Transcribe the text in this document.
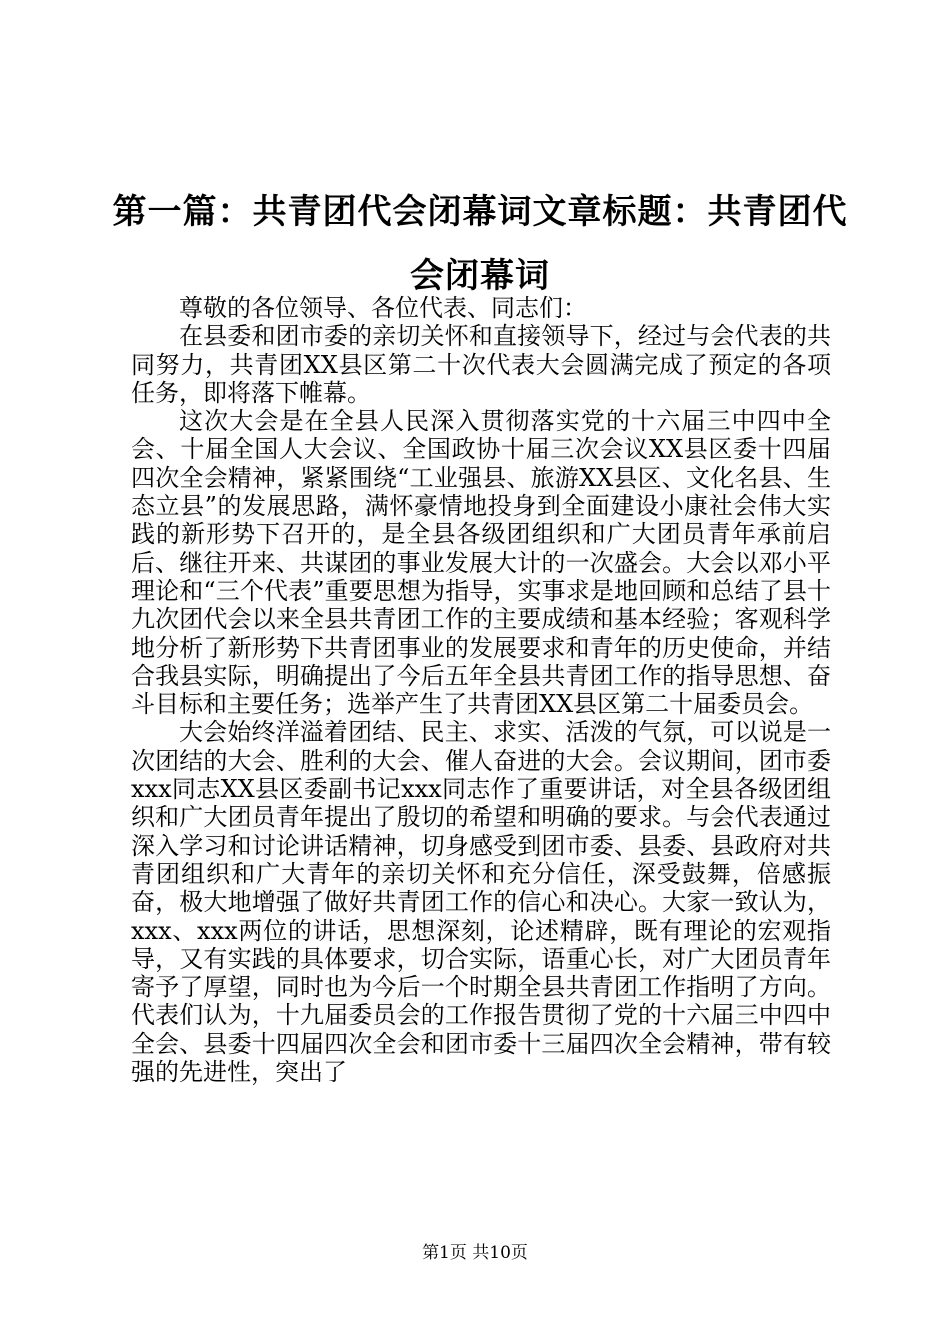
第一篇：共青团代会闭幕词文章标题：共青团代会闭幕词

尊敬的各位领导、各位代表、同志们：

在县委和团市委的亲切关怀和直接领导下，经过与会代表的共同努力，共青团XX县区第二十次代表大会圆满完成了预定的各项任务，即将落下帷幕。

这次大会是在全县人民深入贯彻落实党的十六届三中四中全会、十届全国人大会议、全国政协十届三次会议XX县区委十四届四次全会精神，紧紧围绕“工业强县、旅游XX县区、文化名县、生态立县”的发展思路，满怀豪情地投身到全面建设小康社会伟大实践的新形势下召开的，是全县各级团组织和广大团员青年承前启后、继往开来、共谋团的事业发展大计的一次盛会。大会以邓小平理论和“三个代表”重要思想为指导，实事求是地回顾和总结了县十九次团代会以来全县共青团工作的主要成绩和基本经验；客观科学地分析了新形势下共青团事业的发展要求和青年的历史使命，并结合我县实际，明确提出了今后五年全县共青团工作的指导思想、奋斗目标和主要任务；选举产生了共青团XX县区第二十届委员会。

大会始终洋溢着团结、民主、求实、活泼的气氛，可以说是一次团结的大会、胜利的大会、催人奋进的大会。会议期间，团市委xxx同志XX县区委副书记xxx同志作了重要讲话，对全县各级团组织和广大团员青年提出了殷切的希望和明确的要求。与会代表通过深入学习和讨论讲话精神，切身感受到团市委、县委、县政府对共青团组织和广大青年的亲切关怀和充分信任，深受鼓舞，倍感振奋，极大地增强了做好共青团工作的信心和决心。大家一致认为，xxx、xxx两位的讲话，思想深刻，论述精辟，既有理论的宏观指导，又有实践的具体要求，切合实际，语重心长，对广大团员青年寄予了厚望，同时也为今后一个时期全县共青团工作指明了方向。代表们认为，十九届委员会的工作报告贯彻了党的十六届三中四中全会、县委十四届四次全会和团市委十三届四次全会精神，带有较强的先进性，突出了

第1页 共10页
